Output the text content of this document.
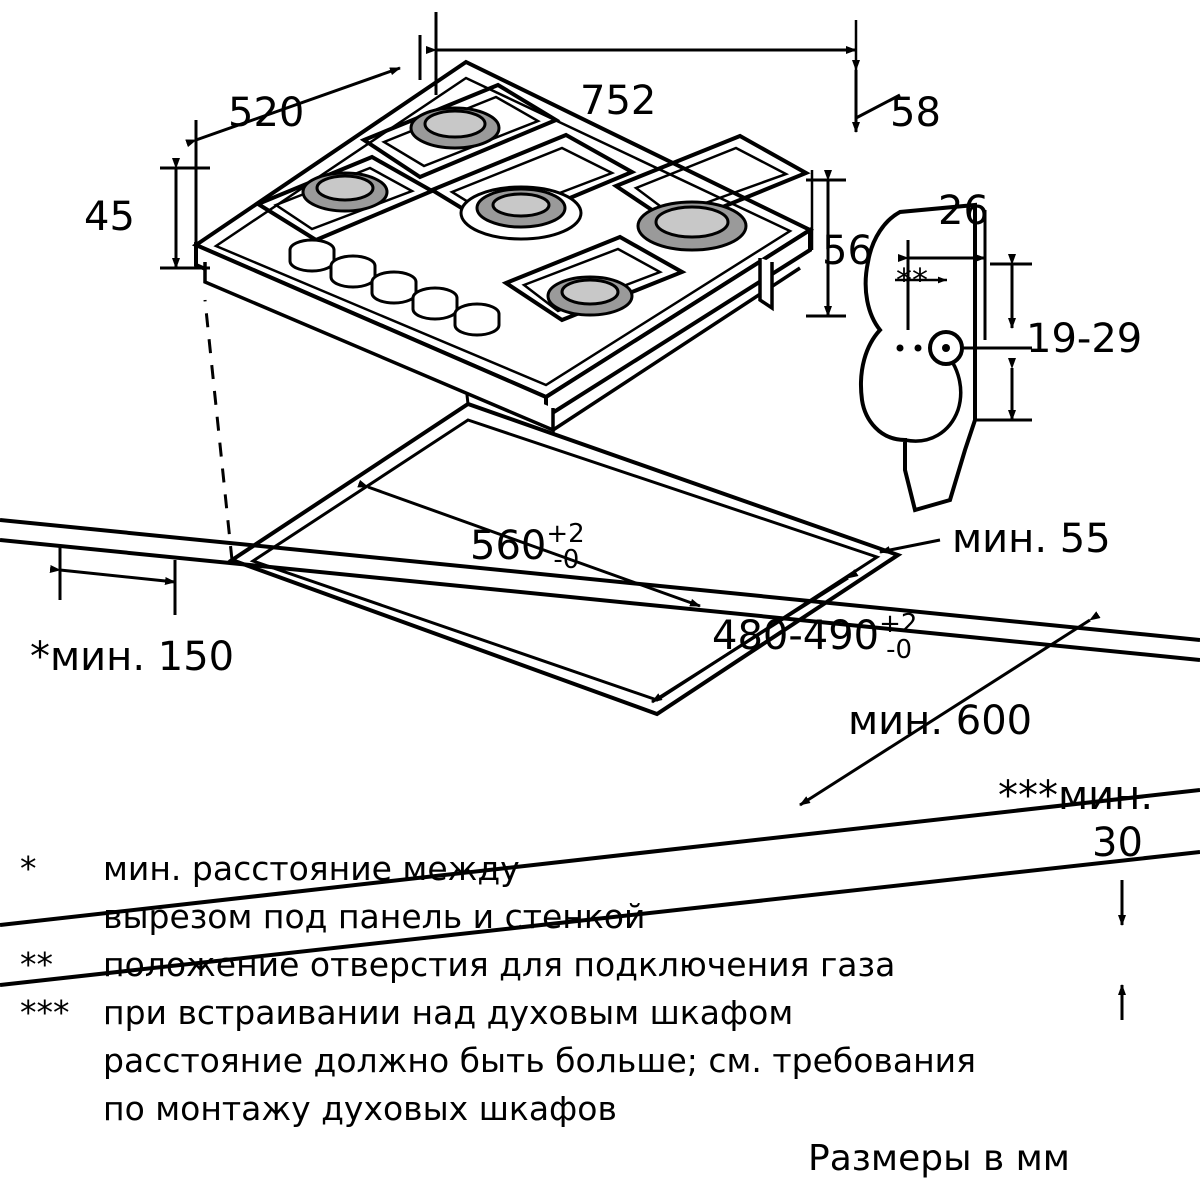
752
520
45
58
56
26
**
19-29
560 +2
-0
480-490 +2
-0
*мин. 150
мин. 55
мин. 600
***мин.
30
* мин. расстояние между
вырезом под панель и стенкой
** положение отверстия для подключения газа
*** при встраивании над духовым шкафом
расстояние должно быть больше; см. требования
по монтажу духовых шкафов
Размеры в мм
